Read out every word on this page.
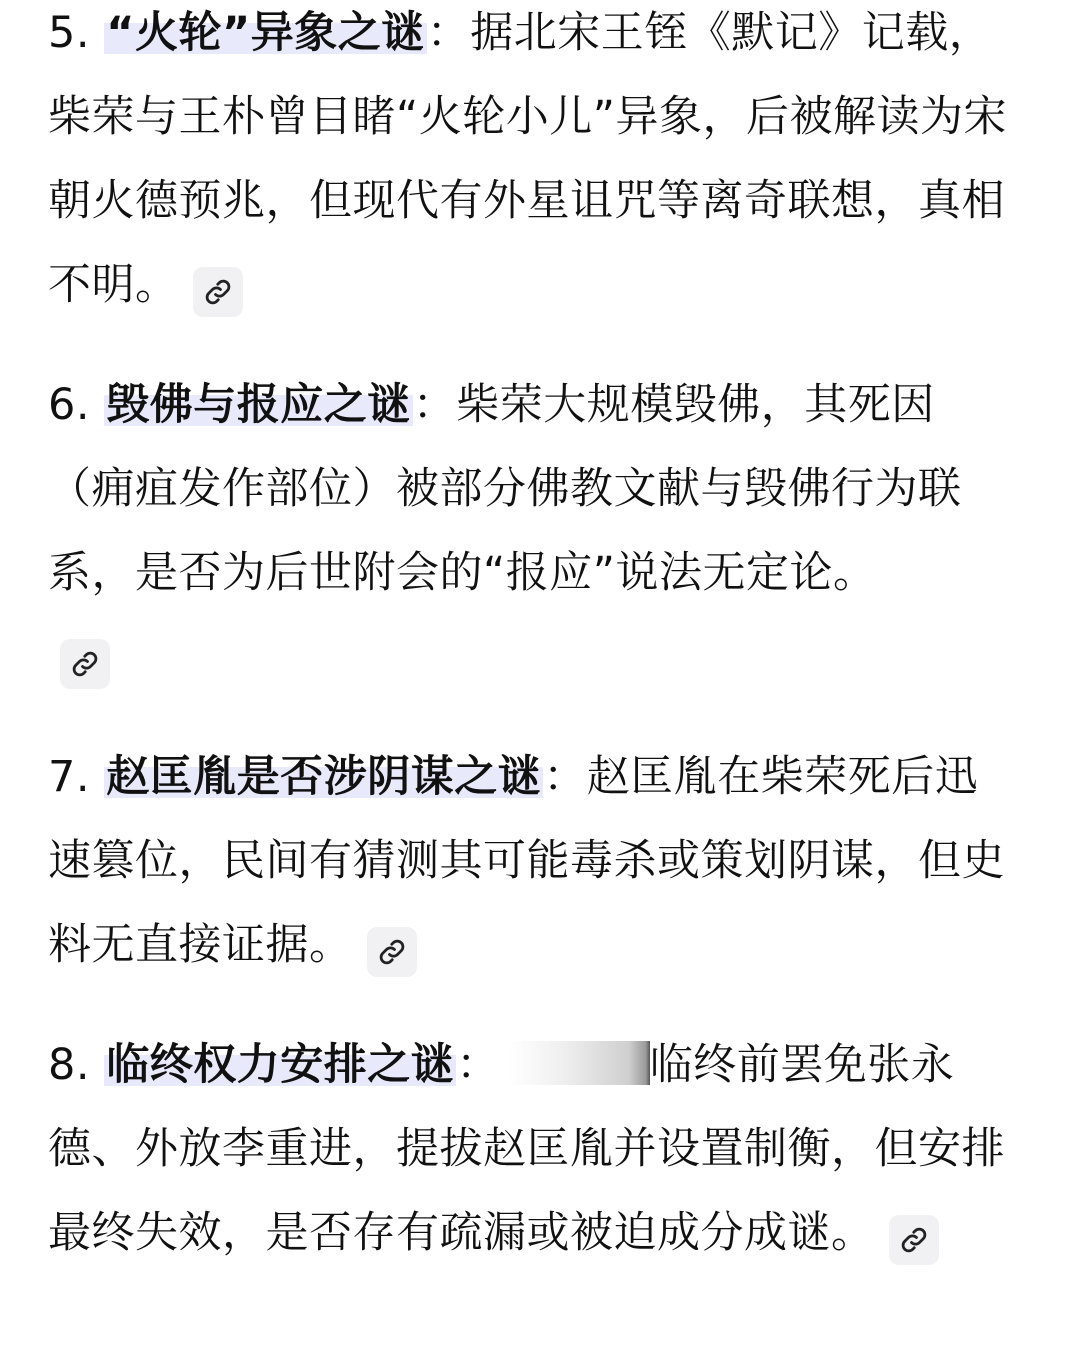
5. “火轮”异象之谜：据北宋王铚《默记》记载，柴荣与王朴曾目睹“火轮小儿”异象，后被解读为宋朝火德预兆，但现代有外星诅咒等离奇联想，真相不明。
6. 毁佛与报应之谜：柴荣大规模毁佛，其死因（痈疽发作部位）被部分佛教文献与毁佛行为联系，是否为后世附会的“报应”说法无定论。
7. 赵匡胤是否涉阴谋之谜：赵匡胤在柴荣死后迅速篡位，民间有猜测其可能毒杀或策划阴谋，但史料无直接证据。
8. 临终权力安排之谜：	临终前罢免张永德、外放李重进，提拔赵匡胤并设置制衡，但安排最终失效，是否存有疏漏或被迫成分成谜。
